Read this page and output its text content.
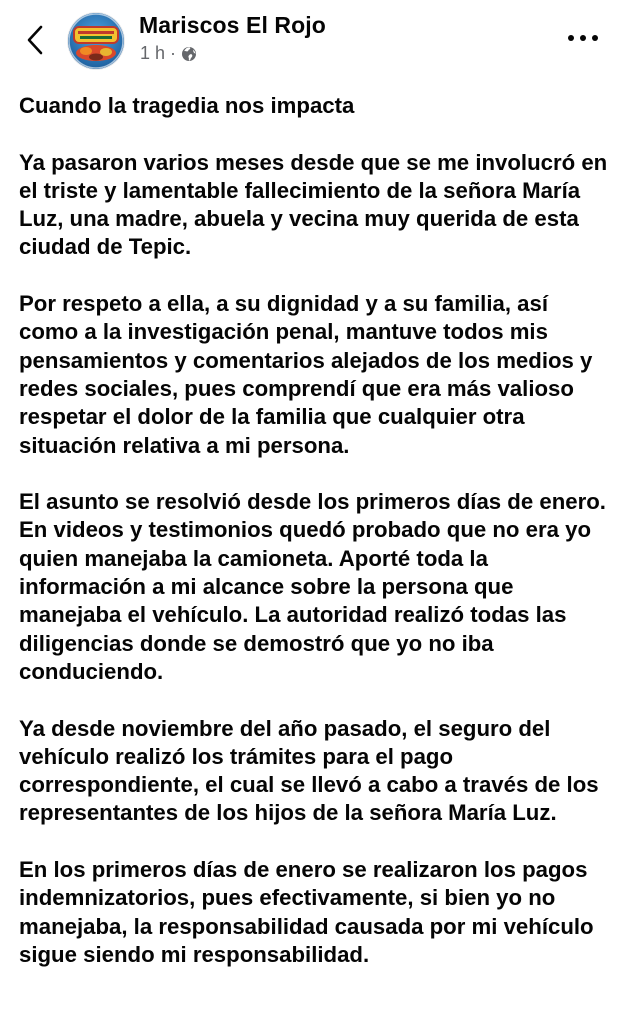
Mariscos El Rojo
1 h ·

Cuando la tragedia nos impacta

Ya pasaron varios meses desde que se me involucró en el triste y lamentable fallecimiento de la señora María Luz, una madre, abuela y vecina muy querida de esta ciudad de Tepic.

Por respeto a ella, a su dignidad y a su familia, así como a la investigación penal, mantuve todos mis pensamientos y comentarios alejados de los medios y redes sociales, pues comprendí que era más valioso respetar el dolor de la familia que cualquier otra situación relativa a mi persona.

El asunto se resolvió desde los primeros días de enero. En videos y testimonios quedó probado que no era yo quien manejaba la camioneta. Aporté toda la información a mi alcance sobre la persona que manejaba el vehículo. La autoridad realizó todas las diligencias donde se demostró que yo no iba conduciendo.

Ya desde noviembre del año pasado, el seguro del vehículo realizó los trámites para el pago correspondiente, el cual se llevó a cabo a través de los representantes de los hijos de la señora María Luz.

En los primeros días de enero se realizaron los pagos indemnizatorios, pues efectivamente, si bien yo no manejaba, la responsabilidad causada por mi vehículo sigue siendo mi responsabilidad.
